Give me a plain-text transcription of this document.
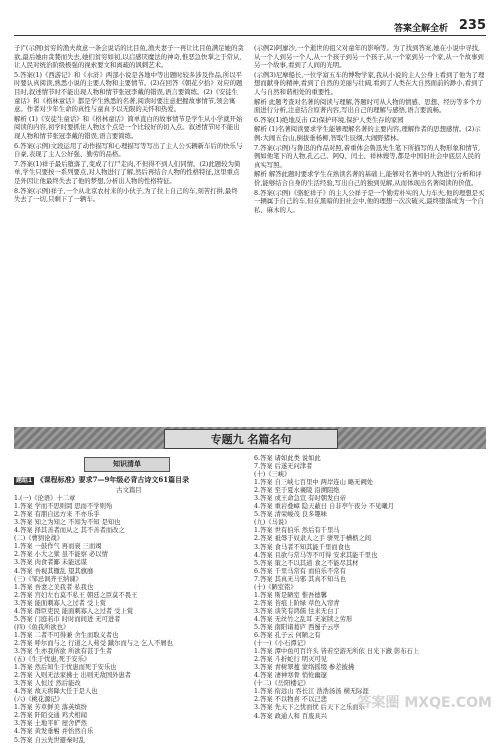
答案全解全析 235

子)"(示例)贫穷的渔夫故意一条会说话的比目鱼,渔夫妻子一再让比目鱼满足她的贪欲,最后她由贪婪而失去,她们贫穷如初,以启感厌魔法的神奇,惟恶急快掌之于常从,让人民对统治阶级极强的视索要文和离疏的讽刺艺术。

5.答案(1)《西游记》和《水浒》两部小说是各地中等出题时较多涉及作品,所以平时要认真阅读,熟悉小说的主要人物和主要情节。(2)在回答《朝花夕拾》对应的题目时,叙述情节时不能出现人物和情节张冠李戴的错误,语言要简练。(2)《安徒生童话》和《格林童话》都是学生熟悉的名著,阅读时要注意把握故事情节,领会寓意。作者对少年生命的真性与童真予以无限的关怀和热爱。

解析 (1)《安徒生童话》和《格林童话》简单直白的故事情节是学生从小学就开始阅读的内容,初学时要抓住人物这个点是一个比较好的切入点。叙述情节时不能出现人物和情节张冠李戴的错误,语言要简练。

6.答案(示例)文段运用了动作描写和心理描写等写出了主人公买辆新车后的快乐与自豪,表现了主人公好强、勤劳的品格。

7.答案(1)祥子最后堕落了,变成了行尸走肉,不但得不到人们同情。(2)此题较为简单,学生只要按一系列要点,对人物进行了解,然后再结合人物的性格特征,这里重点是外因让他最终失去了他的梦想,分析出人物的性格特征。

8.答案(示例)祥子,一个从北京农村来的小伙子,为了拉上自己的车,刻苦打拼,最终失去了一切,只剩下了一辆车。

(示例2)阿廖沙,一个逝世的祖父对童年的影响等。为了找到答案,她在小说中寻找,从一个人到另一个人,从一个孩子到另一个孩子,从一个家到另一个家,从一个故事到另一个故事,看到了人间的光明。

(示例3)尼摩船长,一位学富五车的博物学家,我从小说的主人公身上看到了他为了理想而献身的精神,看到了自然的美丽与壮阔,看到了人类在大自然面前的渺小,看到了人与自然和谐相处的重要性。

解析 此题考查对名著的阅读与理解,答题时可从人物的情感、思想、经历等多个方面进行分析,注意结合原著内容,写出自己的理解与感悟,语言要流畅。

6.答案(1)绝地反击 (2)保护环境,保护人类生存的家园

解析 (1)名著阅读要求学生能够理解名著的主要内容,理解作者的思想感情。(2)示例:大闹五台山,倒拔垂杨柳,智取生辰纲,大闹野猪林。

7.答案(示例)与鲁迅的作品对照,着重体会鲁迅先生笔下所描写的人物形象和情节,例如他笔下的人物,孔乙己、阿Q、闰土、祥林嫂等,都是中国旧社会中底层人民的真实写照。

解析 解答此题时要求学生在熟读名著的基础上,能够对名著中的人物进行分析和评价,能够结合自身的生活经验,写出自己的独到见解,从而体现出名著阅读的价值。

8.答案(示例)《骆驼祥子》的主人公祥子是一个勤劳朴实的人力车夫,他的理想是买一辆属于自己的车,但在黑暗的旧社会中,他的理想一次次破灭,最终堕落成为一个自私、麻木的人。

专题九 名篇名句
知识清单
题组1 《课程标准》要求7—9年级必背古诗文61篇目录
古文篇目
1.(一)《论语》十二章
1.答案 学而不思则罔 思而不学则殆
2.答案 有朋自远方来 不亦乐乎
3.答案 知之为知之 不知为不知 是知也
4.答案 择其善者而从之 其不善者而改之
(二)《曹刿论战》
1.答案 一鼓作气 再而衰 三而竭
2.答案 小大之狱 虽不能察 必以情
3.答案 肉食者鄙 未能远谋
4.答案 吾视其辙乱 望其旗靡
(三)《邹忌讽齐王纳谏》
1.答案 吾妻之美我者 私我也
2.答案 宫妇左右莫不私王 朝廷之臣莫不畏王
3.答案 能面刺寡人之过者 受上赏
4.答案 群臣吏民 能面刺寡人之过者 受上赏
5.答案 门庭若市 时时而间进 无可进者
(四)《鱼我所欲也》
1.答案 二者不可得兼 舍生而取义者也
2.答案 呼尔而与之 行道之人弗受 蹴尔而与之 乞人不屑也
3.答案 生亦我所欲 所欲有甚于生者
(五)《生于忧患,死于安乐》
1.答案 然后知生于忧患而死于安乐也
2.答案 入则无法家拂士 出则无敌国外患者
3.答案 人恒过 然后能改
4.答案 故天将降大任于是人也
(六)《桃花源记》
1.答案 芳草鲜美 落英缤纷
2.答案 阡陌交通 鸡犬相闻
3.答案 土地平旷 屋舍俨然
4.答案 黄发垂髫 并怡然自乐
5.答案 自云先世避秦时乱
6.答案 诸如此类 说如此
7.答案 后遂无问津者
(十)《三峡》
1.答案 自三峡七百里中 两岸连山 略无阙处
2.答案 至于夏水襄陵 沿溯阻绝
3.答案 或王命急宣 有时朝发白帝
4.答案 重岩叠嶂 隐天蔽日 自非亭午夜分 不见曦月
5.答案 清荣峻茂 良多趣味
(九)《马说》
1.答案 世有伯乐 然后有千里马
2.答案 祗辱于奴隶人之手 骈死于槽枥之间
3.答案 食马者不知其能千里而食也
4.答案 且欲与常马等不可得 安求其能千里也
5.答案 策之不以其道 食之不能尽其材
6.答案 千里马常有 而伯乐不常有
7.答案 其真无马邪 其真不知马也
(十)《陋室铭》
1.答案 斯是陋室 惟吾德馨
2.答案 苔痕上阶绿 草色入帘青
3.答案 谈笑有鸿儒 往来无白丁
4.答案 无丝竹之乱耳 无案牍之劳形
5.答案 南阳诸葛庐 西蜀子云亭
6.答案 孔子云 何陋之有
(十一)《小石潭记》
1.答案 潭中鱼可百许头 皆若空游无所依 日光下澈 影布石上
2.答案 斗折蛇行 明灭可见
3.答案 青树翠蔓 蒙络摇缀 参差披拂
4.答案 凄神寒骨 悄怆幽邃
(十二)《岳阳楼记》
1.答案 衔远山 吞长江 浩浩汤汤 横无际涯
2.答案 不以物喜 不以己悲
3.答案 先天下之忧而忧 后天下之乐而乐
4.答案 政通人和 百废具兴
答案圈 MXQE.COM
